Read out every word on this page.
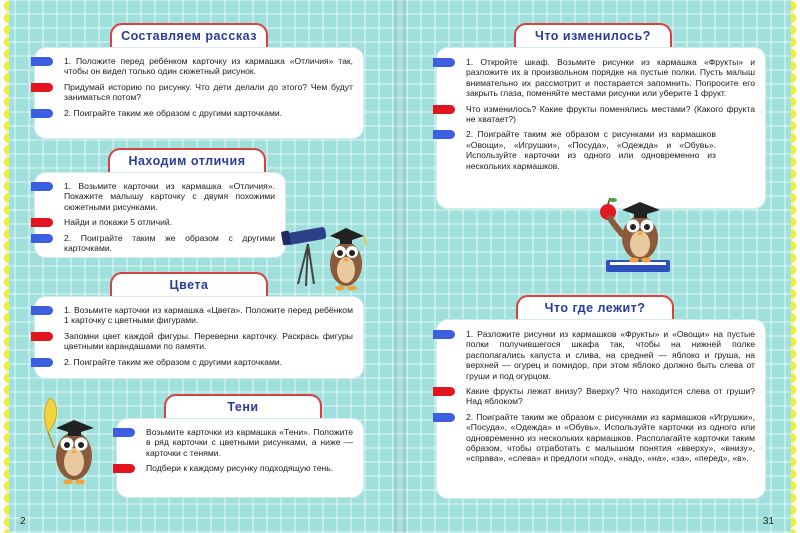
Составляем рассказ
1. Положите перед ребёнком карточку из кармашка «Отличия» так, чтобы он видел только один сюжетный рисунок.
Придумай историю по рисунку. Что дети делали до этого? Чем будут заниматься потом?
2. Поиграйте таким же образом с другими карточками.
Находим отличия
1. Возьмите карточки из кармашка «Отличия». Покажите малышу карточку с двумя похожими сюжетными рисунками.
Найди и покажи 5 отличий.
2. Поиграйте таким же образом с другими карточками.
Цвета
1. Возьмите карточки из кармашка «Цвета». Положите перед ребёнком 1 карточку с цветными фигурами.
Запомни цвет каждой фигуры. Переверни карточку. Раскрась фигуры цветными карандашами по памяти.
2. Поиграйте таким же образом с другими карточками.
Тени
Возьмите карточки из кармашка «Тени». Положите в ряд карточки с цветными рисунками, а ниже — карточки с тенями.
Подбери к каждому рисунку подходящую тень.
2
Что изменилось?
1. Откройте шкаф. Возьмите рисунки из кармашка «Фрукты» и разложите их в произвольном порядке на пустые полки. Пусть малыш внимательно их рассмотрит и постарается запомнить. Попросите его закрыть глаза, поменяйте местами рисунки или уберите 1 фрукт.
Что изменилось? Какие фрукты поменялись местами? (Какого фрукта не хватает?)
2. Поиграйте таким же образом с рисунками из кармашков «Овощи», «Игрушки», «Посуда», «Одежда» и «Обувь». Используйте карточки из одного или одновременно из нескольких кармашков.
Что где лежит?
1. Разложите рисунки из кармашков «Фрукты» и «Овощи» на пустые полки получившегося шкафа так, чтобы на нижней полке располагались капуста и слива, на средней — яблоко и груша, на верхней — огурец и помидор, при этом яблоко должно быть слева от груши и под огурцом.
Какие фрукты лежат внизу? Вверху? Что находится слева от груши? Над яблоком?
2. Поиграйте таким же образом с рисунками из кармашков «Игрушки», «Посуда», «Одежда» и «Обувь». Используйте карточки из одного или одновременно из нескольких кармашков. Располагайте карточки таким образом, чтобы отработать с малышом понятия «вверху», «внизу», «справа», «слева» и предлоги «под», «над», «на», «за», «перед», «в».
31
